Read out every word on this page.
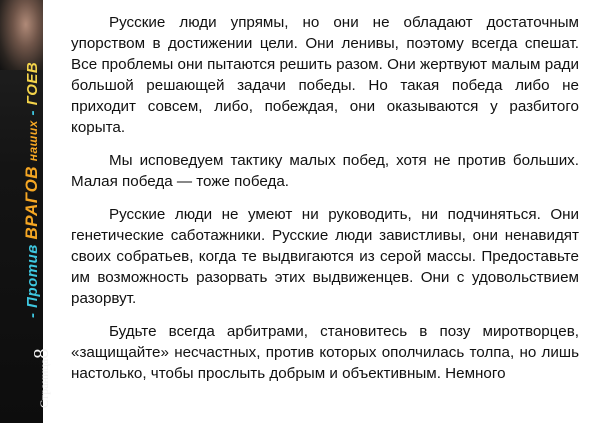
- Против ВРАГОВ наших - ГОЕВ
Страница8

Русские люди упрямы, но они не обладают достаточным упорством в достижении цели. Они ленивы, поэтому всегда спешат. Все проблемы они пытаются решить разом. Они жертвуют малым ради большой решающей задачи победы. Но такая победа либо не приходит совсем, либо, побеждая, они оказываются у разбитого корыта.

Мы исповедуем тактику малых побед, хотя не против больших. Малая победа — тоже победа.

Русские люди не умеют ни руководить, ни подчиняться. Они генетические саботажники. Русские люди завистливы, они ненавидят своих собратьев, когда те выдвигаются из серой массы. Предоставьте им возможность разорвать этих выдвиженцев. Они с удовольствием разорвут.

Будьте всегда арбитрами, становитесь в позу миротворцев, «защищайте» несчастных, против которых ополчилась толпа, но лишь настолько, чтобы прослыть добрым и объективным. Немного
